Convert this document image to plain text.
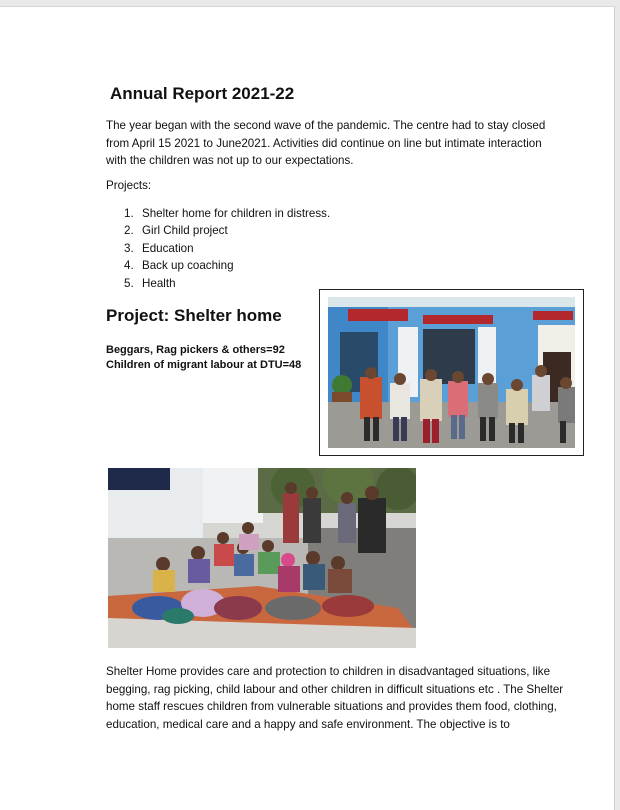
Annual Report 2021-22

The year began with the second wave of the pandemic. The centre had to stay closed from April 15 2021 to June2021. Activities did continue on line but intimate interaction with the children was not up to our expectations.

Projects:

1. Shelter home for children in distress.
2. Girl Child project
3. Education
4. Back up coaching
5. Health
Project: Shelter home
Beggars, Rag pickers & others=92
Children of migrant labour at DTU=48

Shelter Home provides care and protection to children in disadvantaged situations, like begging, rag picking, child labour and other children in difficult situations etc . The Shelter home staff rescues children from vulnerable situations and provides them food, clothing, education, medical care and a happy and safe environment. The objective is to
